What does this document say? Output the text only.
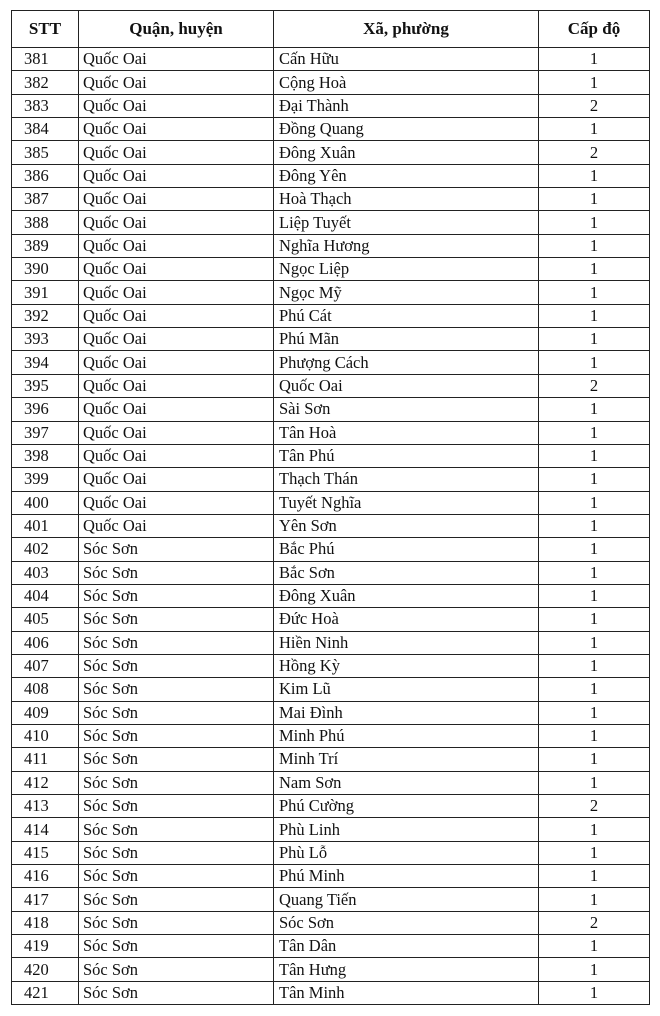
STT	Quận, huyện	Xã, phường	Cấp độ
381	Quốc Oai	Cấn Hữu	1
382	Quốc Oai	Cộng Hoà	1
383	Quốc Oai	Đại Thành	2
384	Quốc Oai	Đồng Quang	1
385	Quốc Oai	Đông Xuân	2
386	Quốc Oai	Đông Yên	1
387	Quốc Oai	Hoà Thạch	1
388	Quốc Oai	Liệp Tuyết	1
389	Quốc Oai	Nghĩa Hương	1
390	Quốc Oai	Ngọc Liệp	1
391	Quốc Oai	Ngọc Mỹ	1
392	Quốc Oai	Phú Cát	1
393	Quốc Oai	Phú Mãn	1
394	Quốc Oai	Phượng Cách	1
395	Quốc Oai	Quốc Oai	2
396	Quốc Oai	Sài Sơn	1
397	Quốc Oai	Tân Hoà	1
398	Quốc Oai	Tân Phú	1
399	Quốc Oai	Thạch Thán	1
400	Quốc Oai	Tuyết Nghĩa	1
401	Quốc Oai	Yên Sơn	1
402	Sóc Sơn	Bắc Phú	1
403	Sóc Sơn	Bắc Sơn	1
404	Sóc Sơn	Đông Xuân	1
405	Sóc Sơn	Đức Hoà	1
406	Sóc Sơn	Hiền Ninh	1
407	Sóc Sơn	Hồng Kỳ	1
408	Sóc Sơn	Kim Lũ	1
409	Sóc Sơn	Mai Đình	1
410	Sóc Sơn	Minh Phú	1
411	Sóc Sơn	Minh Trí	1
412	Sóc Sơn	Nam Sơn	1
413	Sóc Sơn	Phú Cường	2
414	Sóc Sơn	Phù Linh	1
415	Sóc Sơn	Phù Lỗ	1
416	Sóc Sơn	Phú Minh	1
417	Sóc Sơn	Quang Tiến	1
418	Sóc Sơn	Sóc Sơn	2
419	Sóc Sơn	Tân Dân	1
420	Sóc Sơn	Tân Hưng	1
421	Sóc Sơn	Tân Minh	1
